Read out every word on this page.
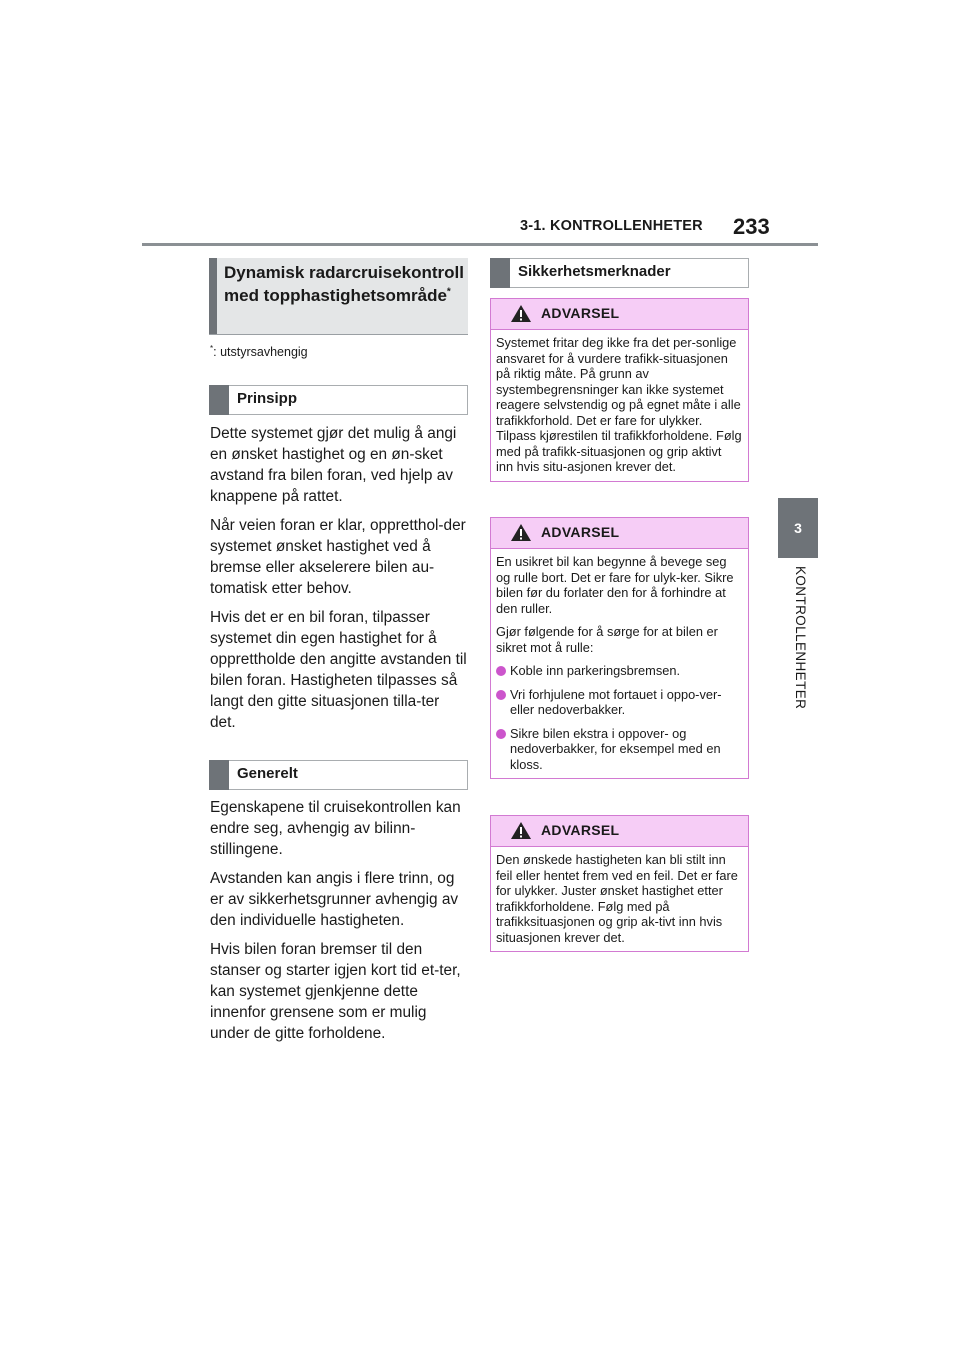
3-1. KONTROLLENHETER 233
3
KONTROLLENHETER
Dynamisk radarcruisekontroll med topphastighetsområde*
*: utstyrsavhengig
Prinsipp

Dette systemet gjør det mulig å angi en ønsket hastighet og en øn-sket avstand fra bilen foran, ved hjelp av knappene på rattet.

Når veien foran er klar, oppretthol-der systemet ønsket hastighet ved å bremse eller akselerere bilen au-tomatisk etter behov.

Hvis det er en bil foran, tilpasser systemet din egen hastighet for å opprettholde den angitte avstanden til bilen foran. Hastigheten tilpasses så langt den gitte situasjonen tilla-ter det.

Generelt

Egenskapene til cruisekontrollen kan endre seg, avhengig av bilinn-stillingene.

Avstanden kan angis i flere trinn, og er av sikkerhetsgrunner avhengig av den individuelle hastigheten.

Hvis bilen foran bremser til den stanser og starter igjen kort tid et-ter, kan systemet gjenkjenne dette innenfor grensene som er mulig under de gitte forholdene.

Sikkerhetsmerknader
ADVARSEL

Systemet fritar deg ikke fra det per-sonlige ansvaret for å vurdere trafikk-situasjonen på riktig måte. På grunn av systembegrensninger kan ikke systemet reagere selvstendig og på egnet måte i alle trafikkforhold. Det er fare for ulykker. Tilpass kjørestilen til trafikkforholdene. Følg med på trafikk-situasjonen og grip aktivt inn hvis situ-asjonen krever det.

ADVARSEL

En usikret bil kan begynne å bevege seg og rulle bort. Det er fare for ulyk-ker. Sikre bilen før du forlater den for å forhindre at den ruller.

Gjør følgende for å sørge for at bilen er sikret mot å rulle:

Koble inn parkeringsbremsen.
Vri forhjulene mot fortauet i oppo-ver- eller nedoverbakker.
Sikre bilen ekstra i oppover- og nedoverbakker, for eksempel med en kloss.
ADVARSEL

Den ønskede hastigheten kan bli stilt inn feil eller hentet frem ved en feil. Det er fare for ulykker. Juster ønsket hastighet etter trafikkforholdene. Følg med på trafikksituasjonen og grip ak-tivt inn hvis situasjonen krever det.
